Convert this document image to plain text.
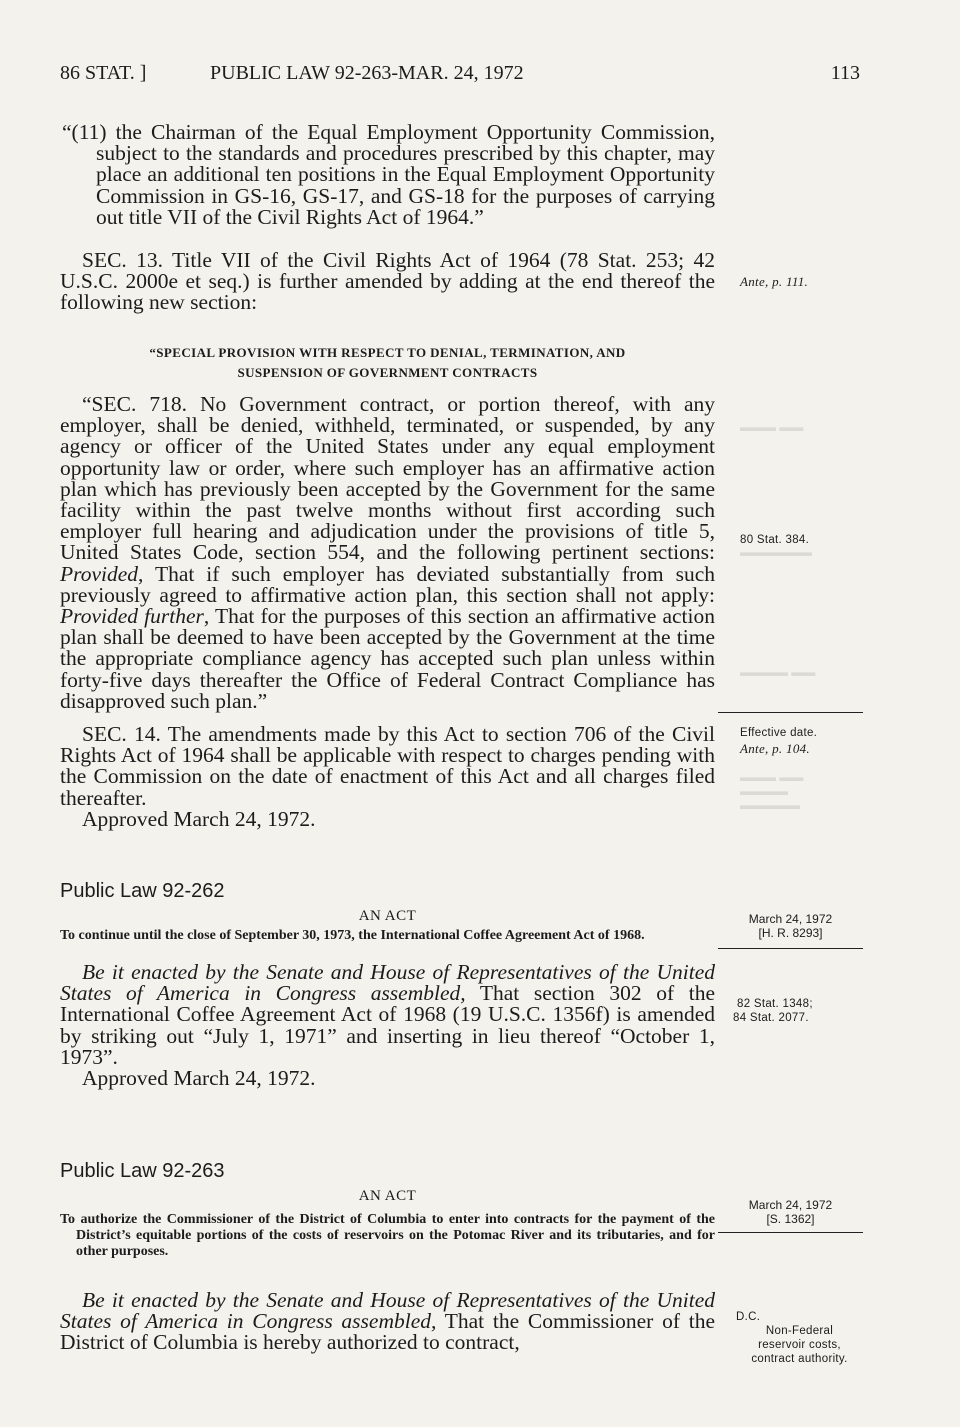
▬▬▬ ▬▬
▬▬▬▬▬▬
▬▬▬▬ ▬▬
▬▬▬ ▬▬
▬▬▬▬
▬▬▬▬▬
86 STAT. ]	PUBLIC LAW 92-263-MAR. 24, 1972	113

“(11) the Chairman of the Equal Employment Opportunity Commission, subject to the standards and procedures prescribed by this chapter, may place an additional ten positions in the Equal Employment Opportunity Commission in GS-16, GS-17, and GS-18 for the purposes of carrying out title VII of the Civil Rights Act of 1964.”

SEC. 13. Title VII of the Civil Rights Act of 1964 (78 Stat. 253; 42 U.S.C. 2000e et seq.) is further amended by adding at the end thereof the following new section:

“SPECIAL PROVISION WITH RESPECT TO DENIAL, TERMINATION, AND
SUSPENSION OF GOVERNMENT CONTRACTS

“SEC. 718. No Government contract, or portion thereof, with any employer, shall be denied, withheld, terminated, or suspended, by any agency or officer of the United States under any equal employment opportunity law or order, where such employer has an affirmative action plan which has previously been accepted by the Government for the same facility within the past twelve months without first according such employer full hearing and adjudication under the provisions of title 5, United States Code, section 554, and the following pertinent sections: Provided, That if such employer has deviated substantially from such previously agreed to affirmative action plan, this section shall not apply: Provided further, That for the purposes of this section an affirmative action plan shall be deemed to have been accepted by the Government at the time the appropriate compliance agency has accepted such plan unless within forty-five days thereafter the Office of Federal Contract Compliance has disapproved such plan.”

SEC. 14. The amendments made by this Act to section 706 of the Civil Rights Act of 1964 shall be applicable with respect to charges pending with the Commission on the date of enactment of this Act and all charges filed thereafter.

Approved March 24, 1972.

Public Law 92-262
AN ACT

To continue until the close of September 30, 1973, the International Coffee Agreement Act of 1968.

Be it enacted by the Senate and House of Representatives of the United States of America in Congress assembled, That section 302 of the International Coffee Agreement Act of 1968 (19 U.S.C. 1356f) is amended by striking out “July 1, 1971” and inserting in lieu thereof “October 1, 1973”.

Approved March 24, 1972.

Public Law 92-263
AN ACT

To authorize the Commissioner of the District of Columbia to enter into contracts for the payment of the District’s equitable portions of the costs of reservoirs on the Potomac River and its tributaries, and for other purposes.

Be it enacted by the Senate and House of Representatives of the United States of America in Congress assembled, That the Commissioner of the District of Columbia is hereby authorized to contract,

Ante, p. 111.
80 Stat. 384.
Effective date.
Ante, p. 104.
March 24, 1972
[H. R. 8293]
82 Stat. 1348;
84 Stat. 2077.
March 24, 1972
[S. 1362]
D.C.
Non-Federal
reservoir costs,
contract authority.
